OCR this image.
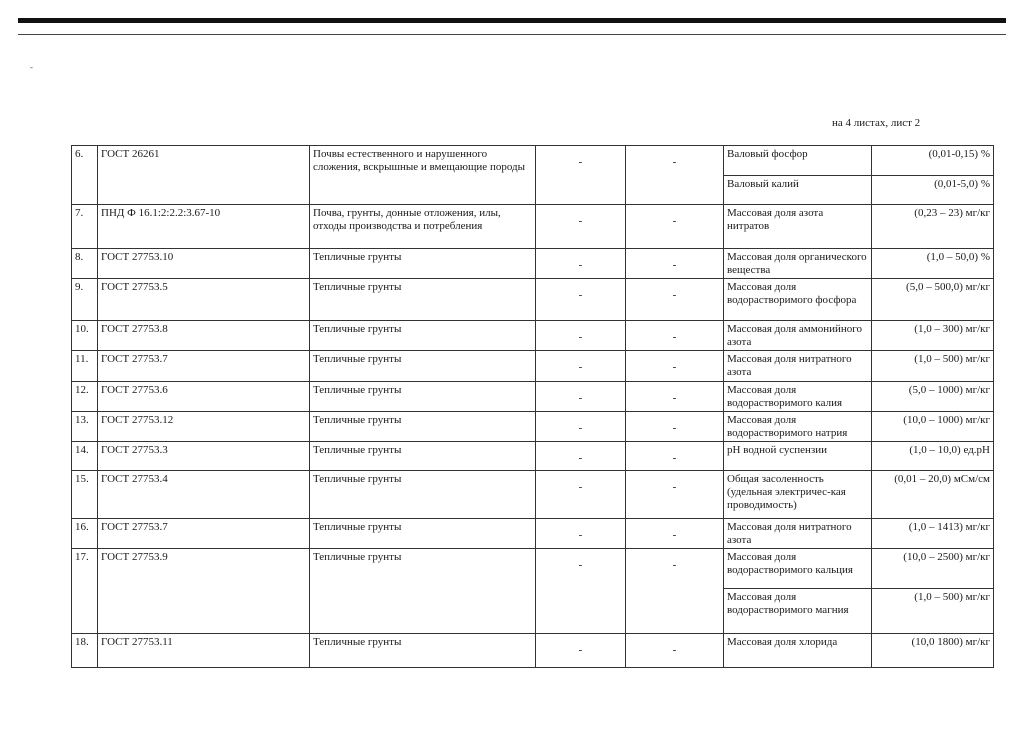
-
на 4 листах, лист 2
6.	ГОСТ 26261	Почвы естественного и нарушенного сложения, вскрышные и вмещающие породы	-	-	Валовый фосфор	(0,01-0,15) %
					Валовый калий	(0,01-5,0) %
7.	ПНД Ф 16.1:2:2.2:3.67-10	Почва, грунты, донные отложения, илы, отходы производства и потребления	-	-	Массовая доля азота нитратов	(0,23 – 23) мг/кг
8.	ГОСТ 27753.10	Тепличные грунты	-	-	Массовая доля органического вещества	(1,0 – 50,0) %
9.	ГОСТ 27753.5	Тепличные грунты	-	-	Массовая доля водорастворимого фосфора	(5,0 – 500,0) мг/кг
10.	ГОСТ 27753.8	Тепличные грунты	-	-	Массовая доля аммонийного азота	(1,0 – 300) мг/кг
11.	ГОСТ 27753.7	Тепличные грунты	-	-	Массовая доля нитратного азота	(1,0 – 500) мг/кг
12.	ГОСТ 27753.6	Тепличные грунты	-	-	Массовая доля водорастворимого калия	(5,0 – 1000) мг/кг
13.	ГОСТ 27753.12	Тепличные грунты	-	-	Массовая доля водорастворимого натрия	(10,0 – 1000) мг/кг
14.	ГОСТ 27753.3	Тепличные грунты	-	-	рН водной суспензии	(1,0 – 10,0) ед.рН
15.	ГОСТ 27753.4	Тепличные грунты	-	-	Общая засоленность (удельная электричес-кая проводимость)	(0,01 – 20,0) мСм/см
16.	ГОСТ 27753.7	Тепличные грунты	-	-	Массовая доля нитратного азота	(1,0 – 1413) мг/кг
17.	ГОСТ 27753.9	Тепличные грунты	-	-	Массовая доля водорастворимого кальция	(10,0 – 2500) мг/кг
					Массовая доля водорастворимого магния	(1,0 – 500) мг/кг
18.	ГОСТ 27753.11	Тепличные грунты	-	-	Массовая доля хлорида	(10,0 1800) мг/кг
